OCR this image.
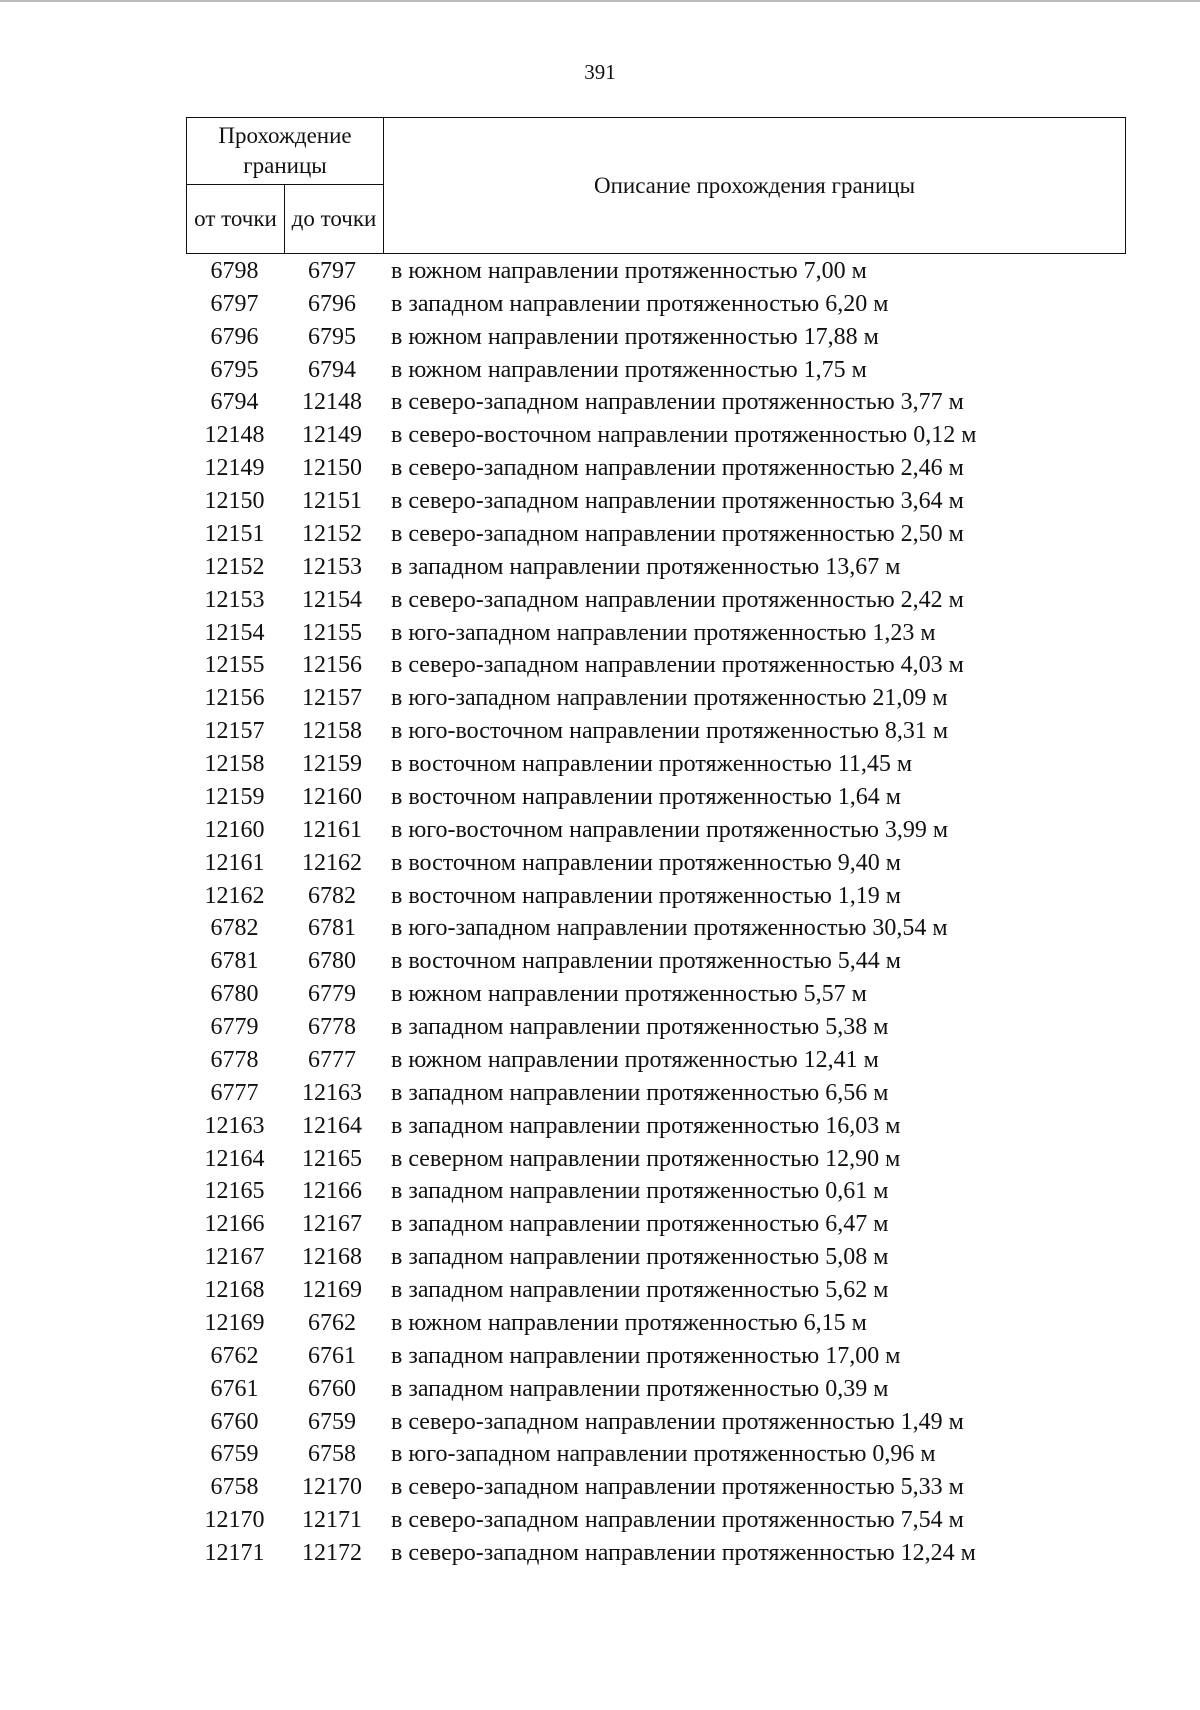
391
Прохождение границы		Описание прохождения границы
от точки	до точки	
6798	6797	в южном направлении протяженностью 7,00 м
6797	6796	в западном направлении протяженностью 6,20 м
6796	6795	в южном направлении протяженностью 17,88 м
6795	6794	в южном направлении протяженностью 1,75 м
6794	12148	в северо-западном направлении протяженностью 3,77 м
12148	12149	в северо-восточном направлении протяженностью 0,12 м
12149	12150	в северо-западном направлении протяженностью 2,46 м
12150	12151	в северо-западном направлении протяженностью 3,64 м
12151	12152	в северо-западном направлении протяженностью 2,50 м
12152	12153	в западном направлении протяженностью 13,67 м
12153	12154	в северо-западном направлении протяженностью 2,42 м
12154	12155	в юго-западном направлении протяженностью 1,23 м
12155	12156	в северо-западном направлении протяженностью 4,03 м
12156	12157	в юго-западном направлении протяженностью 21,09 м
12157	12158	в юго-восточном направлении протяженностью 8,31 м
12158	12159	в восточном направлении протяженностью 11,45 м
12159	12160	в восточном направлении протяженностью 1,64 м
12160	12161	в юго-восточном направлении протяженностью 3,99 м
12161	12162	в восточном направлении протяженностью 9,40 м
12162	6782	в восточном направлении протяженностью 1,19 м
6782	6781	в юго-западном направлении протяженностью 30,54 м
6781	6780	в восточном направлении протяженностью 5,44 м
6780	6779	в южном направлении протяженностью 5,57 м
6779	6778	в западном направлении протяженностью 5,38 м
6778	6777	в южном направлении протяженностью 12,41 м
6777	12163	в западном направлении протяженностью 6,56 м
12163	12164	в западном направлении протяженностью 16,03 м
12164	12165	в северном направлении протяженностью 12,90 м
12165	12166	в западном направлении протяженностью 0,61 м
12166	12167	в западном направлении протяженностью 6,47 м
12167	12168	в западном направлении протяженностью 5,08 м
12168	12169	в западном направлении протяженностью 5,62 м
12169	6762	в южном направлении протяженностью 6,15 м
6762	6761	в западном направлении протяженностью 17,00 м
6761	6760	в западном направлении протяженностью 0,39 м
6760	6759	в северо-западном направлении протяженностью 1,49 м
6759	6758	в юго-западном направлении протяженностью 0,96 м
6758	12170	в северо-западном направлении протяженностью 5,33 м
12170	12171	в северо-западном направлении протяженностью 7,54 м
12171	12172	в северо-западном направлении протяженностью 12,24 м
